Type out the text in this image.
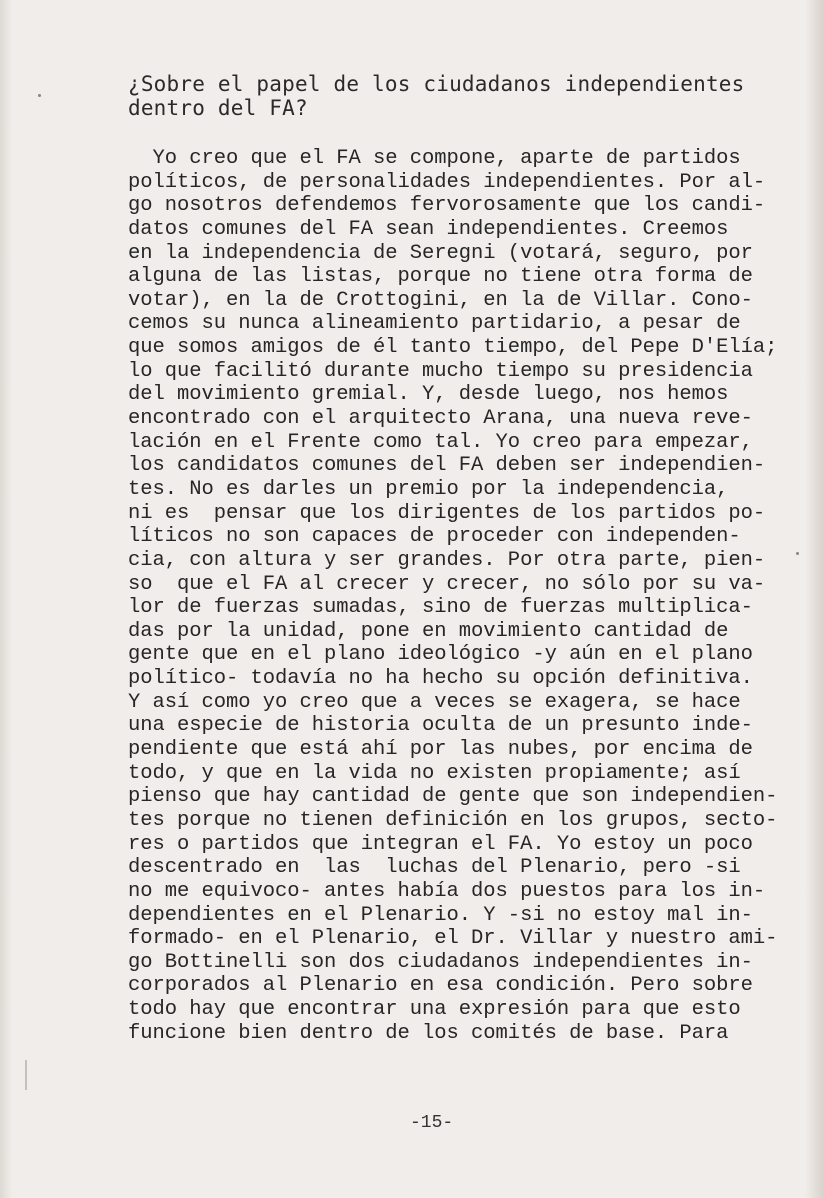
¿Sobre el papel de los ciudadanos independientes
dentro del FA?
Yo creo que el FA se compone, aparte de partidos
políticos, de personalidades independientes. Por al-
go nosotros defendemos fervorosamente que los candi-
datos comunes del FA sean independientes. Creemos
en la independencia de Seregni (votará, seguro, por
alguna de las listas, porque no tiene otra forma de
votar), en la de Crottogini, en la de Villar. Cono-
cemos su nunca alineamiento partidario, a pesar de
que somos amigos de él tanto tiempo, del Pepe D'Elía;
lo que facilitó durante mucho tiempo su presidencia
del movimiento gremial. Y, desde luego, nos hemos
encontrado con el arquitecto Arana, una nueva reve-
lación en el Frente como tal. Yo creo para empezar,
los candidatos comunes del FA deben ser independien-
tes. No es darles un premio por la independencia,
ni es  pensar que los dirigentes de los partidos po-
líticos no son capaces de proceder con independen-
cia, con altura y ser grandes. Por otra parte, pien-
so  que el FA al crecer y crecer, no sólo por su va-
lor de fuerzas sumadas, sino de fuerzas multiplica-
das por la unidad, pone en movimiento cantidad de
gente que en el plano ideológico -y aún en el plano
político- todavía no ha hecho su opción definitiva.
Y así como yo creo que a veces se exagera, se hace
una especie de historia oculta de un presunto inde-
pendiente que está ahí por las nubes, por encima de
todo, y que en la vida no existen propiamente; así
pienso que hay cantidad de gente que son independien-
tes porque no tienen definición en los grupos, secto-
res o partidos que integran el FA. Yo estoy un poco
descentrado en  las  luchas del Plenario, pero -si
no me equivoco- antes había dos puestos para los in-
dependientes en el Plenario. Y -si no estoy mal in-
formado- en el Plenario, el Dr. Villar y nuestro ami-
go Bottinelli son dos ciudadanos independientes in-
corporados al Plenario en esa condición. Pero sobre
todo hay que encontrar una expresión para que esto
funcione bien dentro de los comités de base. Para
-15-
